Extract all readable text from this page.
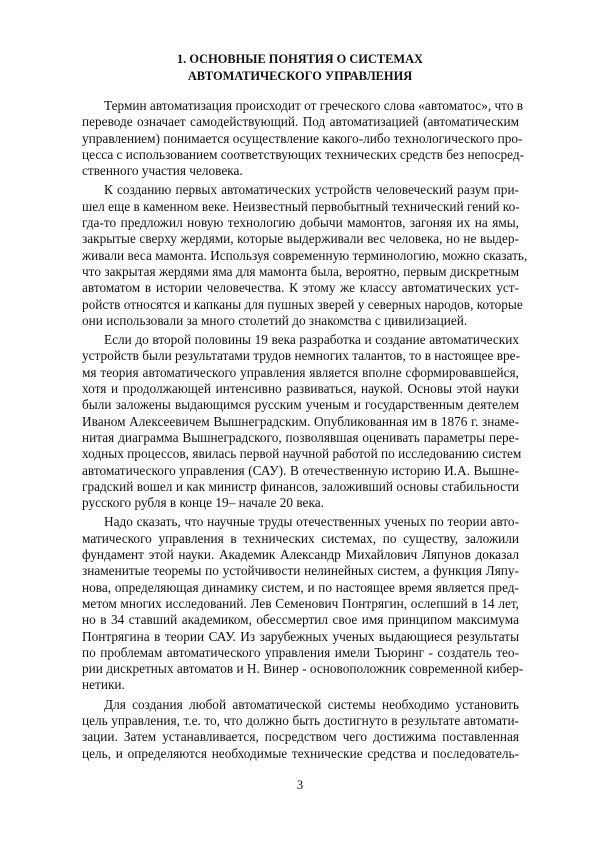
1. ОСНОВНЫЕ ПОНЯТИЯ О СИСТЕМАХ
АВТОМАТИЧЕСКОГО УПРАВЛЕНИЯ
Термин автоматизация происходит от греческого слова «автоматос», что в
переводе означает самодействующий. Под автоматизацией (автоматическим
управлением) понимается осуществление какого-либо технологического про-
цесса с использованием соответствующих технических средств без непосред-
ственного участия человека.
К созданию первых автоматических устройств человеческий разум при-
шел еще в каменном веке. Неизвестный первобытный технический гений ко-
гда-то предложил новую технологию добычи мамонтов, загоняя их на ямы,
закрытые сверху жердями, которые выдерживали вес человека, но не выдер-
живали веса мамонта. Используя современную терминологию, можно сказать,
что закрытая жердями яма для мамонта была, вероятно, первым дискретным
автоматом в истории человечества. К этому же классу автоматических уст-
ройств относятся и капканы для пушных зверей у северных народов, которые
они использовали за много столетий до знакомства с цивилизацией.
Если до второй половины 19 века разработка и создание автоматических
устройств были результатами трудов немногих талантов, то в настоящее вре-
мя теория автоматического управления является вполне сформировавшейся,
хотя и продолжающей интенсивно развиваться, наукой. Основы этой науки
были заложены выдающимся русским ученым и государственным деятелем
Иваном Алексеевичем Вышнеградским. Опубликованная им в 1876 г. знаме-
нитая диаграмма Вышнеградского, позволявшая оценивать параметры пере-
ходных процессов, явилась первой научной работой по исследованию систем
автоматического управления (САУ). В отечественную историю И.А. Вышне-
градский вошел и как министр финансов, заложивший основы стабильности
русского рубля в конце 19– начале 20 века.
Надо сказать, что научные труды отечественных ученых по теории авто-
матического управления в технических системах, по существу, заложили
фундамент этой науки. Академик Александр Михайлович Ляпунов доказал
знаменитые теоремы по устойчивости нелинейных систем, а функция Ляпу-
нова, определяющая динамику систем, и по настоящее время является пред-
метом многих исследований. Лев Семенович Понтрягин, ослепший в 14 лет,
но в 34 ставший академиком, обессмертил свое имя принципом максимума
Понтрягина в теории САУ. Из зарубежных ученых выдающиеся результаты
по проблемам автоматического управления имели Тьюринг - создатель тео-
рии дискретных автоматов и Н. Винер - основоположник современной кибер-
нетики.
Для создания любой автоматической системы необходимо установить
цель управления, т.е. то, что должно быть достигнуто в результате автомати-
зации. Затем устанавливается, посредством чего достижима поставленная
цель, и определяются необходимые технические средства и последователь-
3
